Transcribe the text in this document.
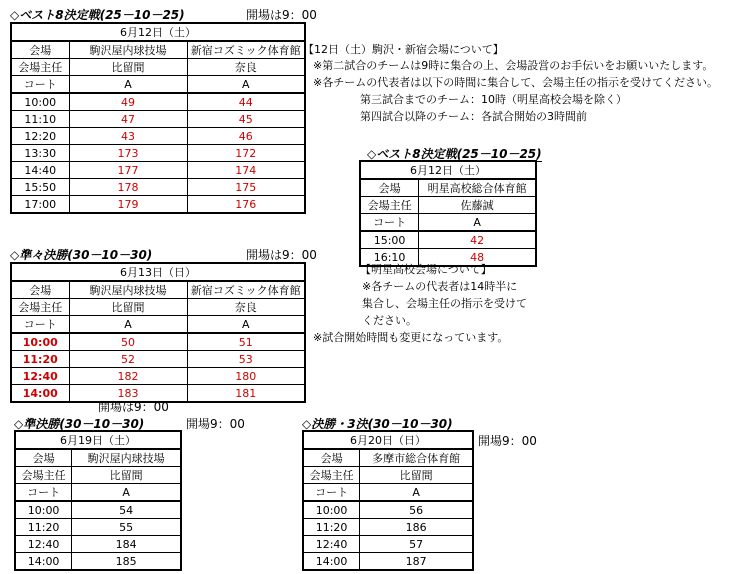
◇ベスト8決定戦(25－10－25)	開場は9：00
6月12日（土）		
会場	駒沢屋内球技場	新宿コズミック体育館
会場主任	比留間	奈良
コート	A	A
10:00	49	44
11:10	47	45
12:20	43	46
13:30	173	172
14:40	177	174
15:50	178	175
17:00	179	176
【12日（土）駒沢・新宿会場について】
※第二試合のチームは9時に集合の上、会場設営のお手伝いをお願いいたします。
※各チームの代表者は以下の時間に集合して、会場主任の指示を受けてください。
第三試合までのチーム：10時（明星高校会場を除く）
第四試合以降のチーム：各試合開始の3時間前
◇ベスト8決定戦(25－10－25)
6月12日（土）	
会場	明星高校総合体育館
会場主任	佐藤誠
コート	A
15:00	42
16:10	48
【明星高校会場について】
※各チームの代表者は14時半に
集合し、会場主任の指示を受けて
ください。
※試合開始時間も変更になっています。
◇準々決勝(30－10－30)	開場は9：00
6月13日（日）		
会場	駒沢屋内球技場	新宿コズミック体育館
会場主任	比留間	奈良
コート	A	A
10:00	50	51
11:20	52	53
12:40	182	180
14:00	183	181
開場は9：00
◇準決勝(30－10－30)	開場9：00
6月19日（土）	
会場	駒沢屋内球技場
会場主任	比留間
コート	A
10:00	54
11:20	55
12:40	184
14:00	185
◇決勝・3決(30－10－30)
開場9：00
6月20日（日）	
会場	多摩市総合体育館
会場主任	比留間
コート	A
10:00	56
11:20	186
12:40	57
14:00	187
